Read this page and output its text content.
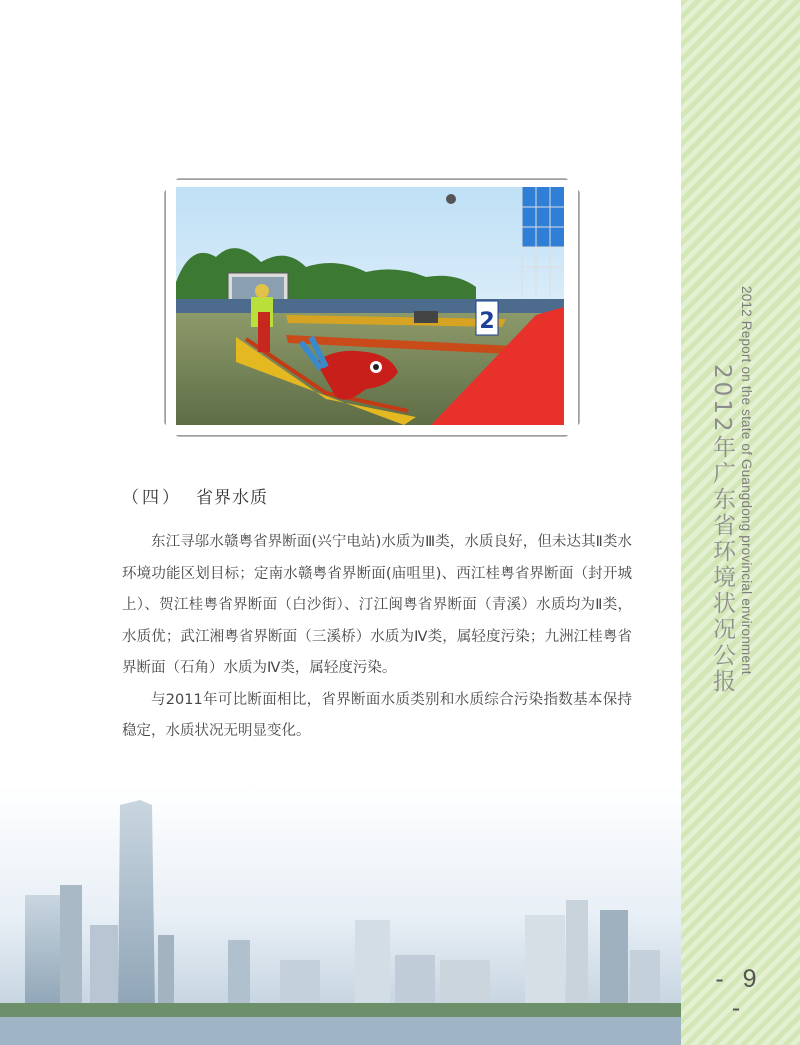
2012 Report on the state of Guangdong provincial environment
2012年广东省环境状况公报
- 9 -
2
（四） 省界水质

东江寻邬水赣粤省界断面(兴宁电站)水质为Ⅲ类，水质良好，但未达其Ⅱ类水环境功能区划目标；定南水赣粤省界断面(庙咀里)、西江桂粤省界断面（封开城上）、贺江桂粤省界断面（白沙街）、汀江闽粤省界断面（青溪）水质均为Ⅱ类，水质优；武江湘粤省界断面（三溪桥）水质为Ⅳ类，属轻度污染；九洲江桂粤省界断面（石角）水质为Ⅳ类，属轻度污染。

与2011年可比断面相比，省界断面水质类别和水质综合污染指数基本保持稳定，水质状况无明显变化。
